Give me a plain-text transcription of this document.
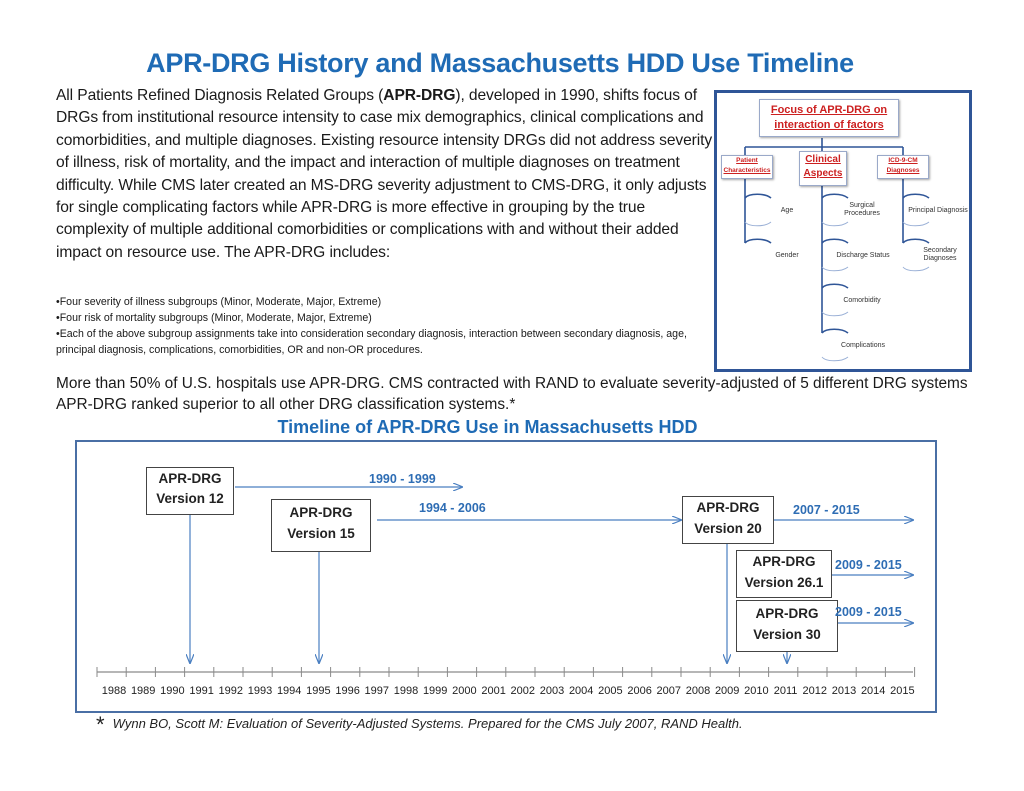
APR-DRG History and Massachusetts HDD Use Timeline
All Patients Refined Diagnosis Related Groups (APR-DRG), developed in 1990, shifts focus of DRGs from institutional resource intensity to case mix demographics, clinical complications and comorbidities, and multiple diagnoses. Existing resource intensity DRGs did not address severity of illness, risk of mortality, and the impact and interaction of multiple diagnoses on treatment difficulty. While CMS later created an MS-DRG severity adjustment to CMS-DRG, it only adjusts for single complicating factors while APR-DRG is more effective in grouping by the true complexity of multiple additional comorbidities or complications with and without their added impact on resource use. The APR-DRG includes:
•Four severity of illness subgroups (Minor, Moderate, Major, Extreme)
•Four risk of mortality subgroups (Minor, Moderate, Major, Extreme)
•Each of the above subgroup assignments take into consideration secondary diagnosis, interaction between secondary diagnosis, age, principal diagnosis, complications, comorbidities, OR and non-OR procedures.
More than 50% of U.S. hospitals use APR-DRG. CMS contracted with RAND to evaluate severity-adjusted of 5 different DRG systems APR-DRG ranked superior to all other DRG classification systems.*
Timeline of APR-DRG Use in Massachusetts HDD
Focus of APR-DRG on interaction of factors
Patient Characteristics
Clinical Aspects
ICD-9-CM Diagnoses
Age
Gender
Surgical Procedures
Discharge Status
Comorbidity
Complications
Principal Diagnosis
Secondary Diagnoses
APR-DRG
Version 12
1990 - 1999
APR-DRG
Version 15
1994 - 2006	APR-DRG
Version 20
2007 - 2015
APR-DRG
Version 26.1
2009 - 2015
APR-DRG
Version 30
2009 - 2015
1988 1989 1990 1991 1992 1993 1994 1995 1996 1997 1998 1999 2000 2001 2002 2003 2004 2005 2006 2007 2008 2009 2010 2011 2012 2013 2014 2015
* Wynn BO, Scott M: Evaluation of Severity-Adjusted Systems. Prepared for the CMS July 2007, RAND Health.
